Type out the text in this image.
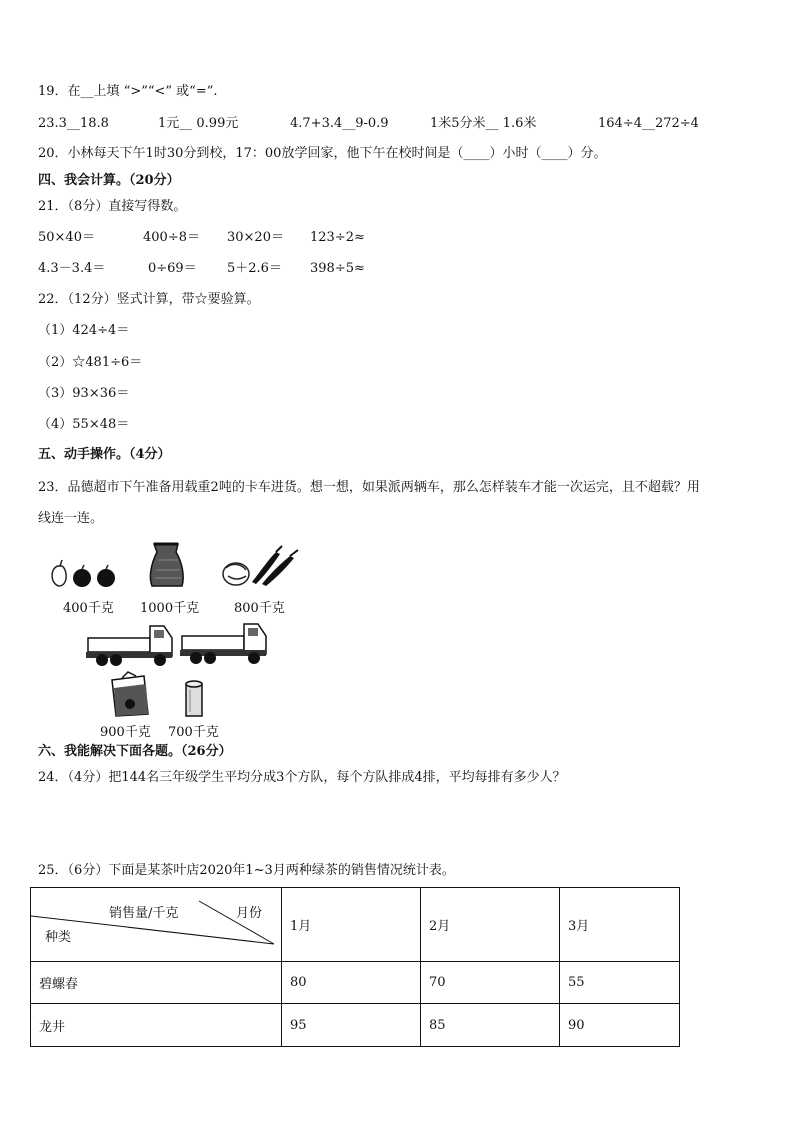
19．在__上填 “>”“<” 或“=”.
23.3__18.8	1元__ 0.99元	4.7+3.4__9-0.9	1米5分米__ 1.6米	164÷4__272÷4
20．小林每天下午1时30分到校，17：00放学回家，他下午在校时间是（____）小时（____）分。
四、我会计算。（20分）
21．（8分）直接写得数。
50×40＝	400÷8＝ 30×20＝ 123÷2≈
4.3－3.4＝	0÷69＝ 5＋2.6＝ 398÷5≈
22．（12分）竖式计算，带☆要验算。
（1）424÷4＝
（2）☆481÷6＝
（3）93×36＝
（4）55×48＝
五、动手操作。（4分）
23．品德超市下午准备用载重2吨的卡车进货。想一想，如果派两辆车，那么怎样装车才能一次运完，且不超载？用
线连一连。
400千克 1000千克	800千克
900千克 700千克
六、我能解决下面各题。（26分）
24．（4分）把144名三年级学生平均分成3个方队，每个方队排成4排，平均每排有多少人？
25．（6分）下面是某茶叶店2020年1~3月两种绿茶的销售情况统计表。
销售量/千克 月份
种类	1月	2月	3月
碧螺春	80	70	55
龙井	95	85	90
